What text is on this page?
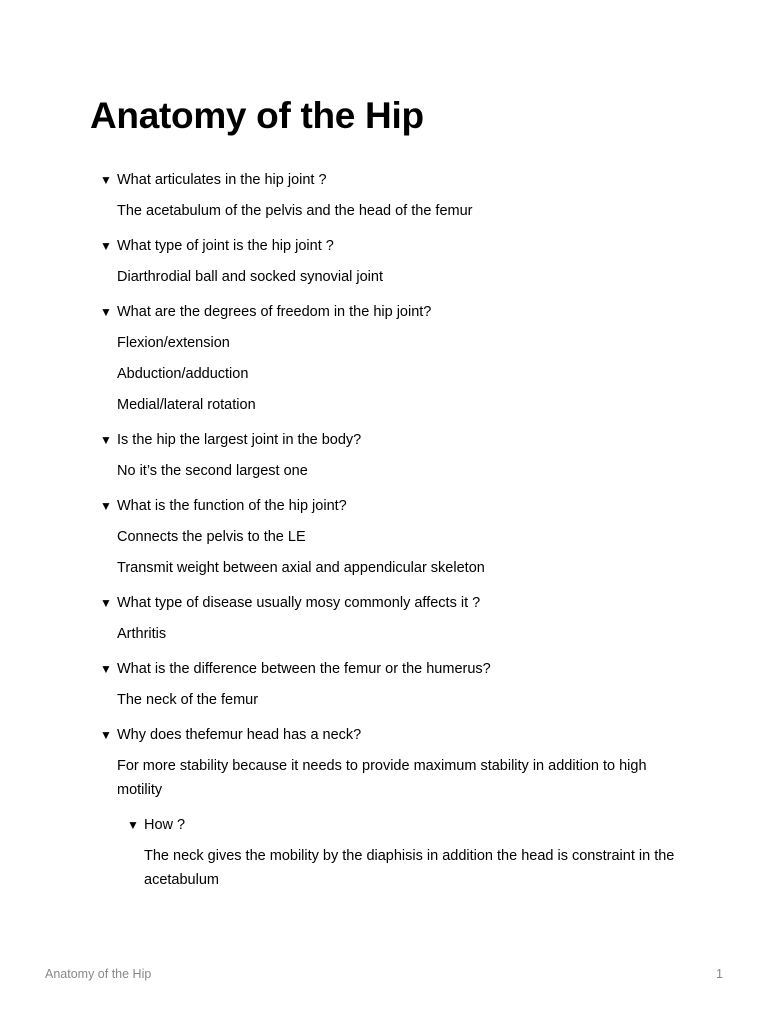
Anatomy of the Hip
▼ What articulates in the hip joint ?

The acetabulum of the pelvis and the head of the femur

▼ What type of joint is the hip joint ?

Diarthrodial ball and socked synovial joint

▼ What are the degrees of freedom in the hip joint?

Flexion/extension

Abduction/adduction

Medial/lateral rotation

▼ Is the hip the largest joint in the body?

No it’s the second largest one

▼ What is the function of the hip joint?

Connects the pelvis to the LE

Transmit weight between axial and appendicular skeleton

▼ What type of disease usually mosy commonly affects it ?

Arthritis

▼ What is the difference between the femur or the humerus?

The neck of the femur

▼ Why does thefemur head has a neck?

For more stability because it needs to provide maximum stability in addition to high motility

▼ How ?

The neck gives the mobility by the diaphisis in addition the head is constraint in the acetabulum

Anatomy of the Hip	1
